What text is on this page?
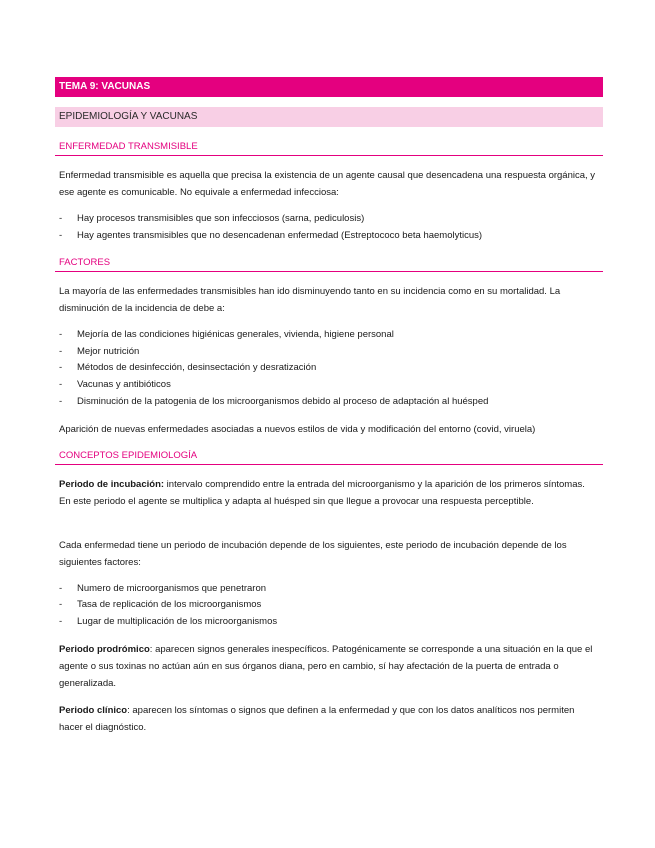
TEMA 9: VACUNAS
EPIDEMIOLOGÍA Y VACUNAS
ENFERMEDAD TRANSMISIBLE
Enfermedad transmisible es aquella que precisa la existencia de un agente causal que desencadena una respuesta orgánica, y ese agente es comunicable. No equivale a enfermedad infecciosa:
- Hay procesos transmisibles que son infecciosos (sarna, pediculosis)
- Hay agentes transmisibles que no desencadenan enfermedad (Estreptococo beta haemolyticus)
FACTORES
La mayoría de las enfermedades transmisibles han ido disminuyendo tanto en su incidencia como en su mortalidad. La disminución de la incidencia de debe a:
- Mejoría de las condiciones higiénicas generales, vivienda, higiene personal
- Mejor nutrición
- Métodos de desinfección, desinsectación y desratización
- Vacunas y antibióticos
- Disminución de la patogenia de los microorganismos debido al proceso de adaptación al huésped
Aparición de nuevas enfermedades asociadas a nuevos estilos de vida y modificación del entorno (covid, viruela)
CONCEPTOS EPIDEMIOLOGÍA
Periodo de incubación: intervalo comprendido entre la entrada del microorganismo y la aparición de los primeros síntomas. En este periodo el agente se multiplica y adapta al huésped sin que llegue a provocar una respuesta perceptible.
Cada enfermedad tiene un periodo de incubación depende de los siguientes, este periodo de incubación depende de los siguientes factores:
- Numero de microorganismos que penetraron
- Tasa de replicación de los microorganismos
- Lugar de multiplicación de los microorganismos
Periodo prodrómico: aparecen signos generales inespecíficos. Patogénicamente se corresponde a una situación en la que el agente o sus toxinas no actúan aún en sus órganos diana, pero en cambio, sí hay afectación de la puerta de entrada o generalizada.
Periodo clínico: aparecen los síntomas o signos que definen a la enfermedad y que con los datos analíticos nos permiten hacer el diagnóstico.
